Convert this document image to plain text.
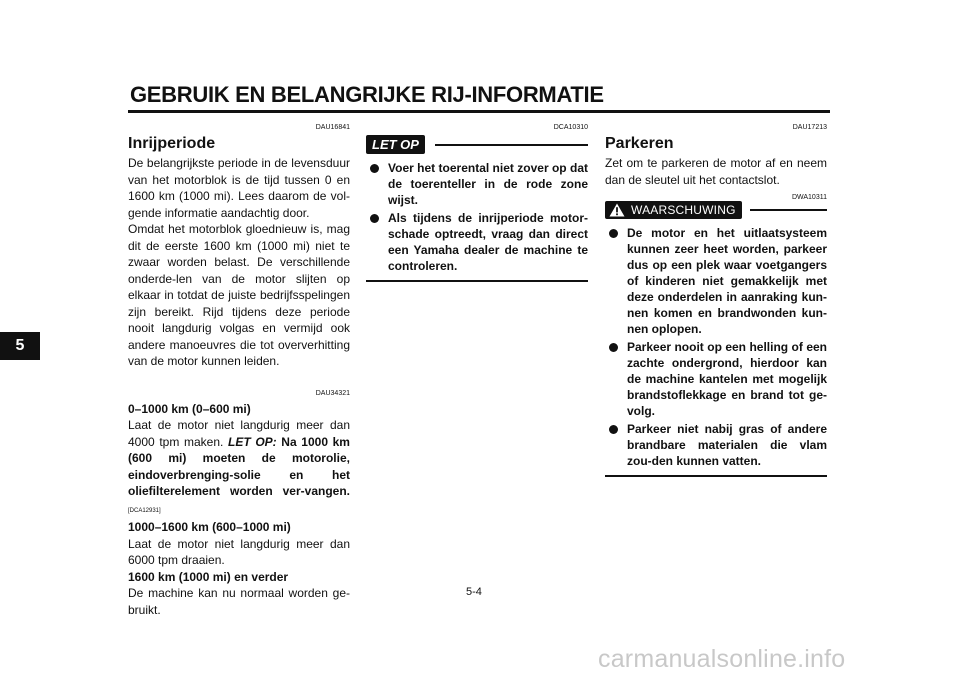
GEBRUIK EN BELANGRIJKE RIJ-INFORMATIE
5

DAU16841

Inrijperiode

De belangrijkste periode in de levensduur van het motorblok is de tijd tussen 0 en 1600 km (1000 mi). Lees daarom de vol-gende informatie aandachtig door.

Omdat het motorblok gloednieuw is, mag dit de eerste 1600 km (1000 mi) niet te zwaar worden belast. De verschillende onderde-len van de motor slijten op elkaar in totdat de juiste bedrijfsspelingen zijn bereikt. Rijd tijdens deze periode nooit langdurig volgas en vermijd ook andere manoeuvres die tot oververhitting van de motor kunnen leiden.

DAU34321

0–1000 km (0–600 mi)

Laat de motor niet langdurig meer dan 4000 tpm maken. LET OP: Na 1000 km (600 mi) moeten de motorolie, eindoverbrenging-solie en het oliefilterelement worden ver-vangen.[DCA12931]

1000–1600 km (600–1000 mi)

Laat de motor niet langdurig meer dan 6000 tpm draaien.

1600 km (1000 mi) en verder

De machine kan nu normaal worden ge-bruikt.

DCA10310

LET OP
Voer het toerental niet zover op dat de toerenteller in de rode zone wijst.
Als tijdens de inrijperiode motor-schade optreedt, vraag dan direct een Yamaha dealer de machine te controleren.

DAU17213

Parkeren

Zet om te parkeren de motor af en neem dan de sleutel uit het contactslot.

DWA10311

WAARSCHUWING
De motor en het uitlaatsysteem kunnen zeer heet worden, parkeer dus op een plek waar voetgangers of kinderen niet gemakkelijk met deze onderdelen in aanraking kun-nen komen en brandwonden kun-nen oplopen.
Parkeer nooit op een helling of een zachte ondergrond, hierdoor kan de machine kantelen met mogelijk brandstoflekkage en brand tot ge-volg.
Parkeer niet nabij gras of andere brandbare materialen die vlam zou-den kunnen vatten.

5-4

carmanualsonline.info
